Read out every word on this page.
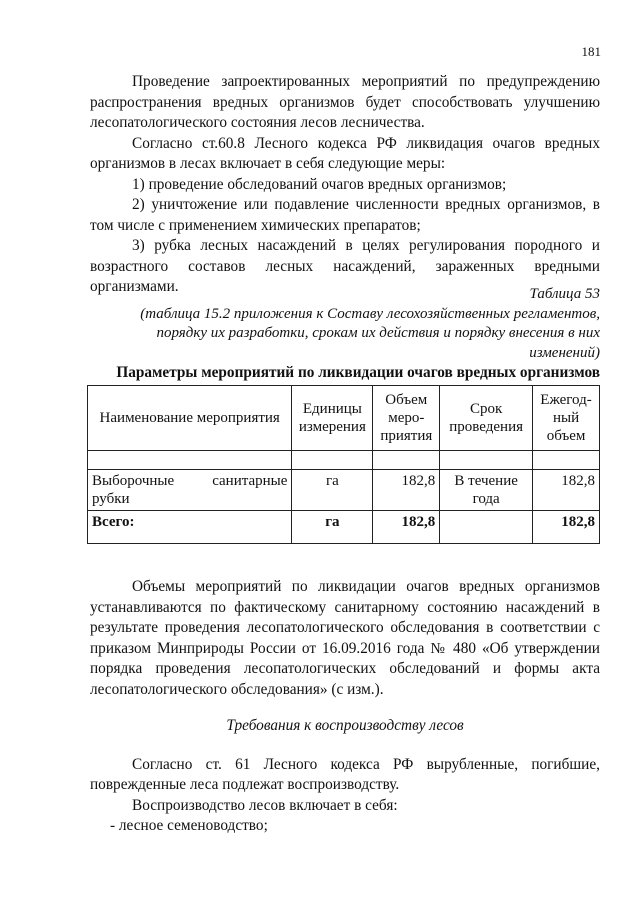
181

Проведение запроектированных мероприятий по предупреждению распространения вредных организмов будет способствовать улучшению лесопатологического состояния лесов лесничества.

Согласно ст.60.8 Лесного кодекса РФ ликвидация очагов вредных организмов в лесах включает в себя следующие меры:

1) проведение обследований очагов вредных организмов;

2) уничтожение или подавление численности вредных организмов, в том числе с применением химических препаратов;

3) рубка лесных насаждений в целях регулирования породного и возрастного составов лесных насаждений, зараженных вредными организмами.	Таблица 53

(таблица 15.2 приложения к Составу лесохозяйственных регламентов, порядку их разработки, срокам их действия и порядку внесения в них изменений)

Параметры мероприятий по ликвидации очагов вредных организмов

Наименование мероприятия	Единицы измерения	Объем меро-приятия	Срок проведения	Ежегод-ный объем

Выборочные санитарные
рубки	га	182,8	В течение года	182,8
Всего:	га	182,8		182,8

Объемы мероприятий по ликвидации очагов вредных организмов устанавливаются по фактическому санитарному состоянию насаждений в результате проведения лесопатологического обследования в соответствии с приказом Минприроды России от 16.09.2016 года № 480 «Об утверждении порядка проведения лесопатологических обследований и формы акта лесопатологического обследования» (с изм.).

Требования к воспроизводству лесов

Согласно ст. 61 Лесного кодекса РФ вырубленные, погибшие, поврежденные леса подлежат воспроизводству.

Воспроизводство лесов включает в себя:

- лесное семеноводство;
